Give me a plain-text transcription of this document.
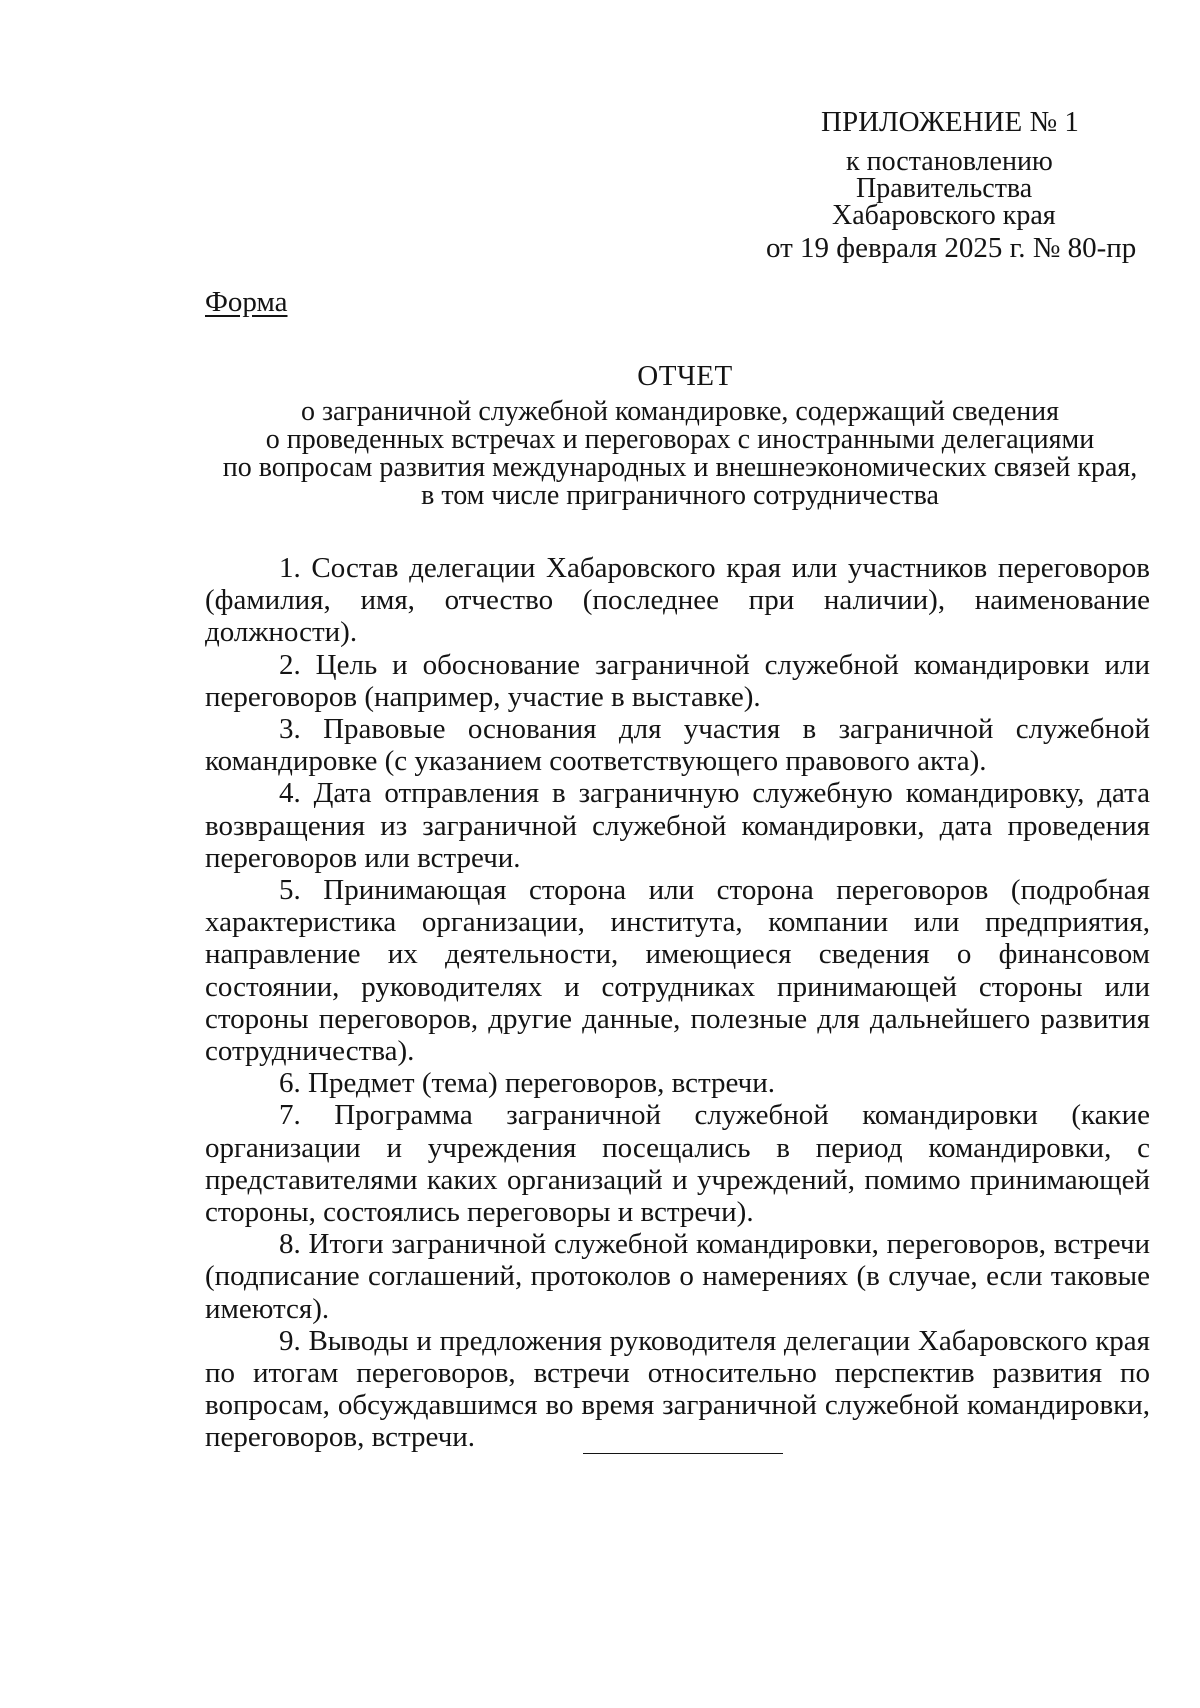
ПРИЛОЖЕНИЕ № 1
к постановлению
Правительства
Хабаровского края
от 19 февраля 2025 г. № 80-пр
Форма
ОТЧЕТ
о заграничной служебной командировке, содержащий сведения
о проведенных встречах и переговорах с иностранными делегациями
по вопросам развития международных и внешнеэкономических связей края,
в том числе приграничного сотрудничества

1. Состав делегации Хабаровского края или участников переговоров (фамилия, имя, отчество (последнее при наличии), наименование должности).

2. Цель и обоснование заграничной служебной командировки или переговоров (например, участие в выставке).

3. Правовые основания для участия в заграничной служебной командировке (с указанием соответствующего правового акта).

4. Дата отправления в заграничную служебную командировку, дата возвращения из заграничной служебной командировки, дата проведения переговоров или встречи.

5. Принимающая сторона или сторона переговоров (подробная характеристика организации, института, компании или предприятия, направление их деятельности, имеющиеся сведения о финансовом состоянии, руководителях и сотрудниках принимающей стороны или стороны переговоров, другие данные, полезные для дальнейшего развития сотрудничества).

6. Предмет (тема) переговоров, встречи.

7. Программа заграничной служебной командировки (какие организации и учреждения посещались в период командировки, с представителями каких организаций и учреждений, помимо принимающей стороны, состоялись переговоры и встречи).

8. Итоги заграничной служебной командировки, переговоров, встречи (подписание соглашений, протоколов о намерениях (в случае, если таковые имеются).

9. Выводы и предложения руководителя делегации Хабаровского края по итогам переговоров, встречи относительно перспектив развития по вопросам, обсуждавшимся во время заграничной служебной командировки, переговоров, встречи.
